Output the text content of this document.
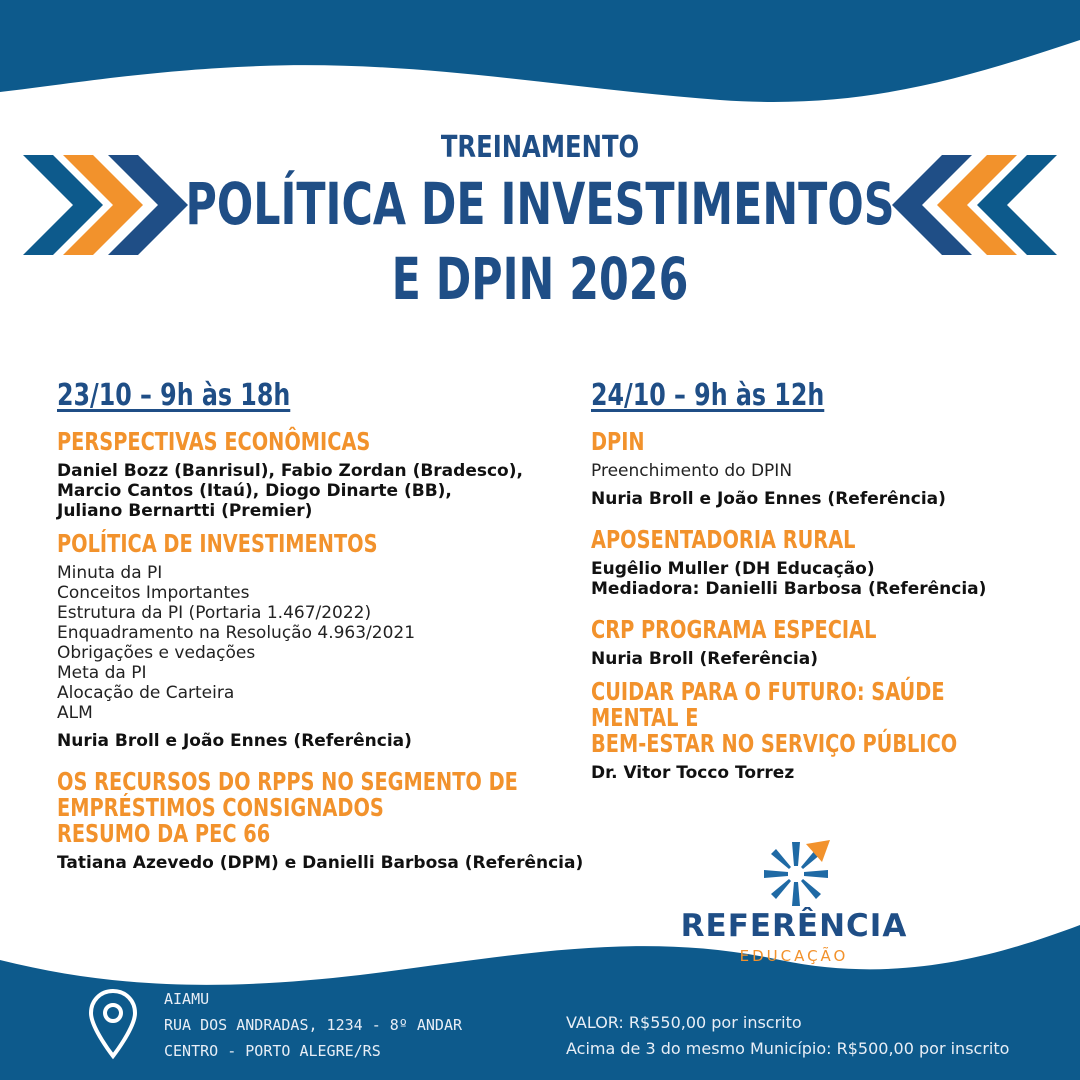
TREINAMENTO
POLÍTICA DE INVESTIMENTOS
E DPIN 2026
23/10 – 9h às 18h
PERSPECTIVAS ECONÔMICAS
Daniel Bozz (Banrisul), Fabio Zordan (Bradesco),
Marcio Cantos (Itaú), Diogo Dinarte (BB),
Juliano Bernartti (Premier)
POLÍTICA DE INVESTIMENTOS
Minuta da PI
Conceitos Importantes
Estrutura da PI (Portaria 1.467/2022)
Enquadramento na Resolução 4.963/2021
Obrigações e vedações
Meta da PI
Alocação de Carteira
ALM
Nuria Broll e João Ennes (Referência)
OS RECURSOS DO RPPS NO SEGMENTO DE
EMPRÉSTIMOS CONSIGNADOS
RESUMO DA PEC 66
Tatiana Azevedo (DPM) e Danielli Barbosa (Referência)
24/10 – 9h às 12h
DPIN
Preenchimento do DPIN
Nuria Broll e João Ennes (Referência)
APOSENTADORIA RURAL
Eugêlio Muller (DH Educação)
Mediadora: Danielli Barbosa (Referência)
CRP PROGRAMA ESPECIAL
Nuria Broll (Referência)
CUIDAR PARA O FUTURO: SAÚDE MENTAL E
BEM-ESTAR NO SERVIÇO PÚBLICO
Dr. Vitor Tocco Torrez
REFERÊNCIA
EDUCAÇÃO
AIAMU
RUA DOS ANDRADAS, 1234 - 8º ANDAR
CENTRO - PORTO ALEGRE/RS
VALOR: R$550,00 por inscrito
Acima de 3 do mesmo Município: R$500,00 por inscrito
